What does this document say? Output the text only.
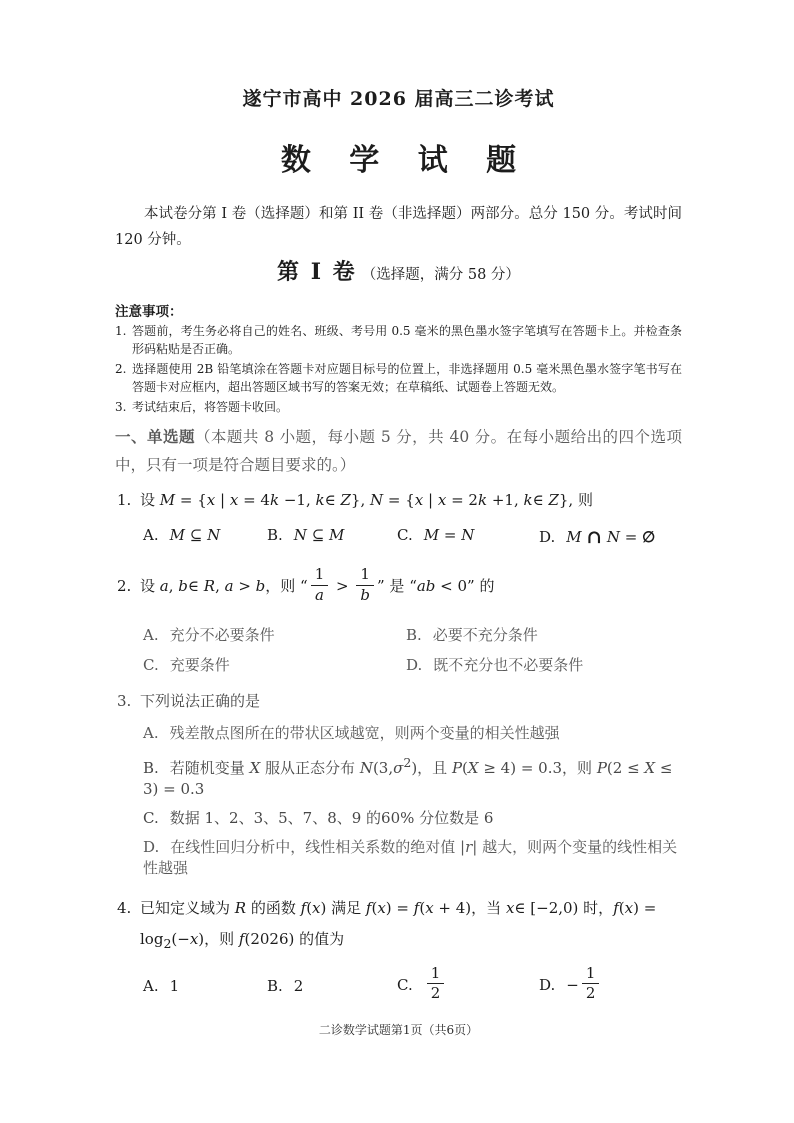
遂宁市高中 2026 届高三二诊考试
数 学 试 题

本试卷分第 I 卷（选择题）和第 II 卷（非选择题）两部分。总分 150 分。考试时间 120 分钟。

第 I 卷 （选择题，满分 58 分）
注意事项：
1. 答题前，考生务必将自己的姓名、班级、考号用 0.5 毫米的黑色墨水签字笔填写在答题卡上。并检查条形码粘贴是否正确。
2. 选择题使用 2B 铅笔填涂在答题卡对应题目标号的位置上，非选择题用 0.5 毫米黑色墨水签字笔书写在答题卡对应框内，超出答题区域书写的答案无效；在草稿纸、试题卷上答题无效。
3. 考试结束后，将答题卡收回。
一、单选题（本题共 8 小题，每小题 5 分，共 40 分。在每小题给出的四个选项中，只有一项是符合题目要求的。）
1. 设 M = {x | x = 4k −1, k∈ Z}, N = {x | x = 2k +1, k∈ Z}, 则
A. M ⊆ N	B. N ⊆ M	C. M = N	D. M ∩ N = ∅
2. 设 a, b∈ R, a > b，则 “ $\frac{1}{a} > \frac{1}{b}$ ” 是 “ab < 0” 的
A. 充分不必要条件	B. 必要不充分条件
C. 充要条件	D. 既不充分也不必要条件
3. 下列说法正确的是
A. 残差散点图所在的带状区域越宽，则两个变量的相关性越强
B. 若随机变量 X 服从正态分布 $N(3,\sigma^2)$，且 P(X ≥ 4) = 0.3，则 P(2 ≤ X ≤ 3) = 0.3
C. 数据 1、2、3、5、7、8、9 的60% 分位数是 6
D. 在线性回归分析中，线性相关系数的绝对值 |r| 越大，则两个变量的线性相关性越强
4. 已知定义域为 R 的函数 f(x) 满足 f(x) = f(x + 4)，当 x∈ [−2,0) 时，$f(x) = \log_2(-x)$，则 f(2026) 的值为
A. 1	B. 2	C. $\frac{1}{2}$	D. − $\frac{1}{2}$
二诊数学试题第1页（共6页）
